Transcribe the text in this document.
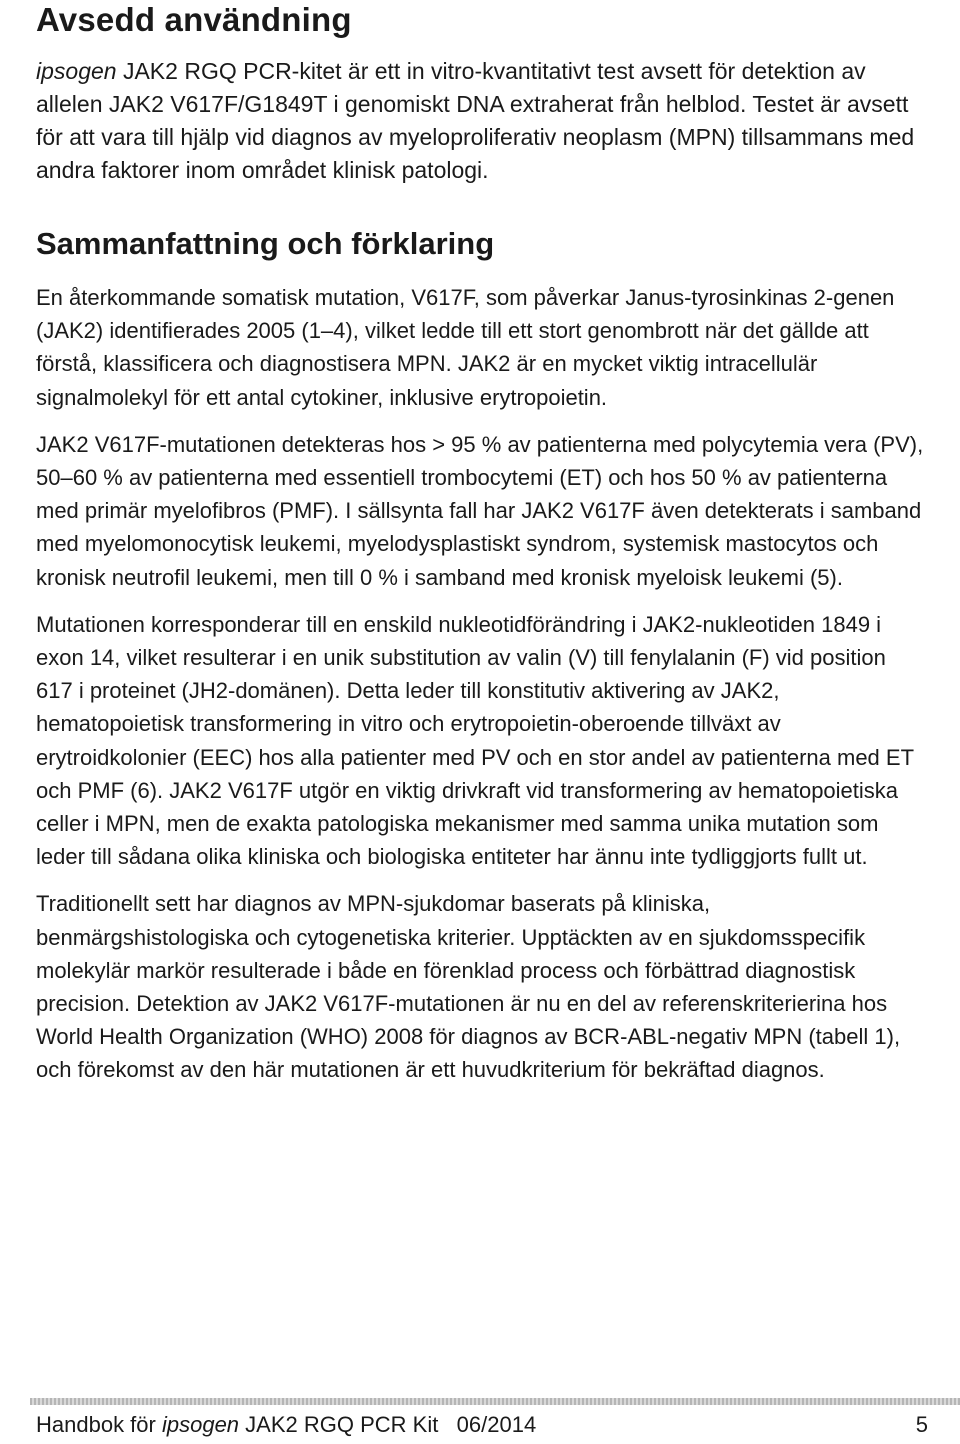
Avsedd användning

ipsogen JAK2 RGQ PCR-kitet är ett in vitro-kvantitativt test avsett för detektion av allelen JAK2 V617F/G1849T i genomiskt DNA extraherat från helblod. Testet är avsett för att vara till hjälp vid diagnos av myeloproliferativ neoplasm (MPN) tillsammans med andra faktorer inom området klinisk patologi.

Sammanfattning och förklaring

En återkommande somatisk mutation, V617F, som påverkar Janus-tyrosinkinas 2-genen (JAK2) identifierades 2005 (1–4), vilket ledde till ett stort genombrott när det gällde att förstå, klassificera och diagnostisera MPN. JAK2 är en mycket viktig intracellulär signalmolekyl för ett antal cytokiner, inklusive erytropoietin.

JAK2 V617F-mutationen detekteras hos > 95 % av patienterna med polycytemia vera (PV), 50–60 % av patienterna med essentiell trombocytemi (ET) och hos 50 % av patienterna med primär myelofibros (PMF). I sällsynta fall har JAK2 V617F även detekterats i samband med myelomonocytisk leukemi, myelodysplastiskt syndrom, systemisk mastocytos och kronisk neutrofil leukemi, men till 0 % i samband med kronisk myeloisk leukemi (5).

Mutationen korresponderar till en enskild nukleotidförändring i JAK2-nukleotiden 1849 i exon 14, vilket resulterar i en unik substitution av valin (V) till fenylalanin (F) vid position 617 i proteinet (JH2-domänen). Detta leder till konstitutiv aktivering av JAK2, hematopoietisk transformering in vitro och erytropoietin-oberoende tillväxt av erytroidkolonier (EEC) hos alla patienter med PV och en stor andel av patienterna med ET och PMF (6). JAK2 V617F utgör en viktig drivkraft vid transformering av hematopoietiska celler i MPN, men de exakta patologiska mekanismer med samma unika mutation som leder till sådana olika kliniska och biologiska entiteter har ännu inte tydliggjorts fullt ut.

Traditionellt sett har diagnos av MPN-sjukdomar baserats på kliniska, benmärgshistologiska och cytogenetiska kriterier. Upptäckten av en sjukdomsspecifik molekylär markör resulterade i både en förenklad process och förbättrad diagnostisk precision. Detektion av JAK2 V617F-mutationen är nu en del av referenskriterierina hos World Health Organization (WHO) 2008 för diagnos av BCR-ABL-negativ MPN (tabell 1), och förekomst av den här mutationen är ett huvudkriterium för bekräftad diagnos.

Handbok för ipsogen JAK2 RGQ PCR Kit   06/2014	5
